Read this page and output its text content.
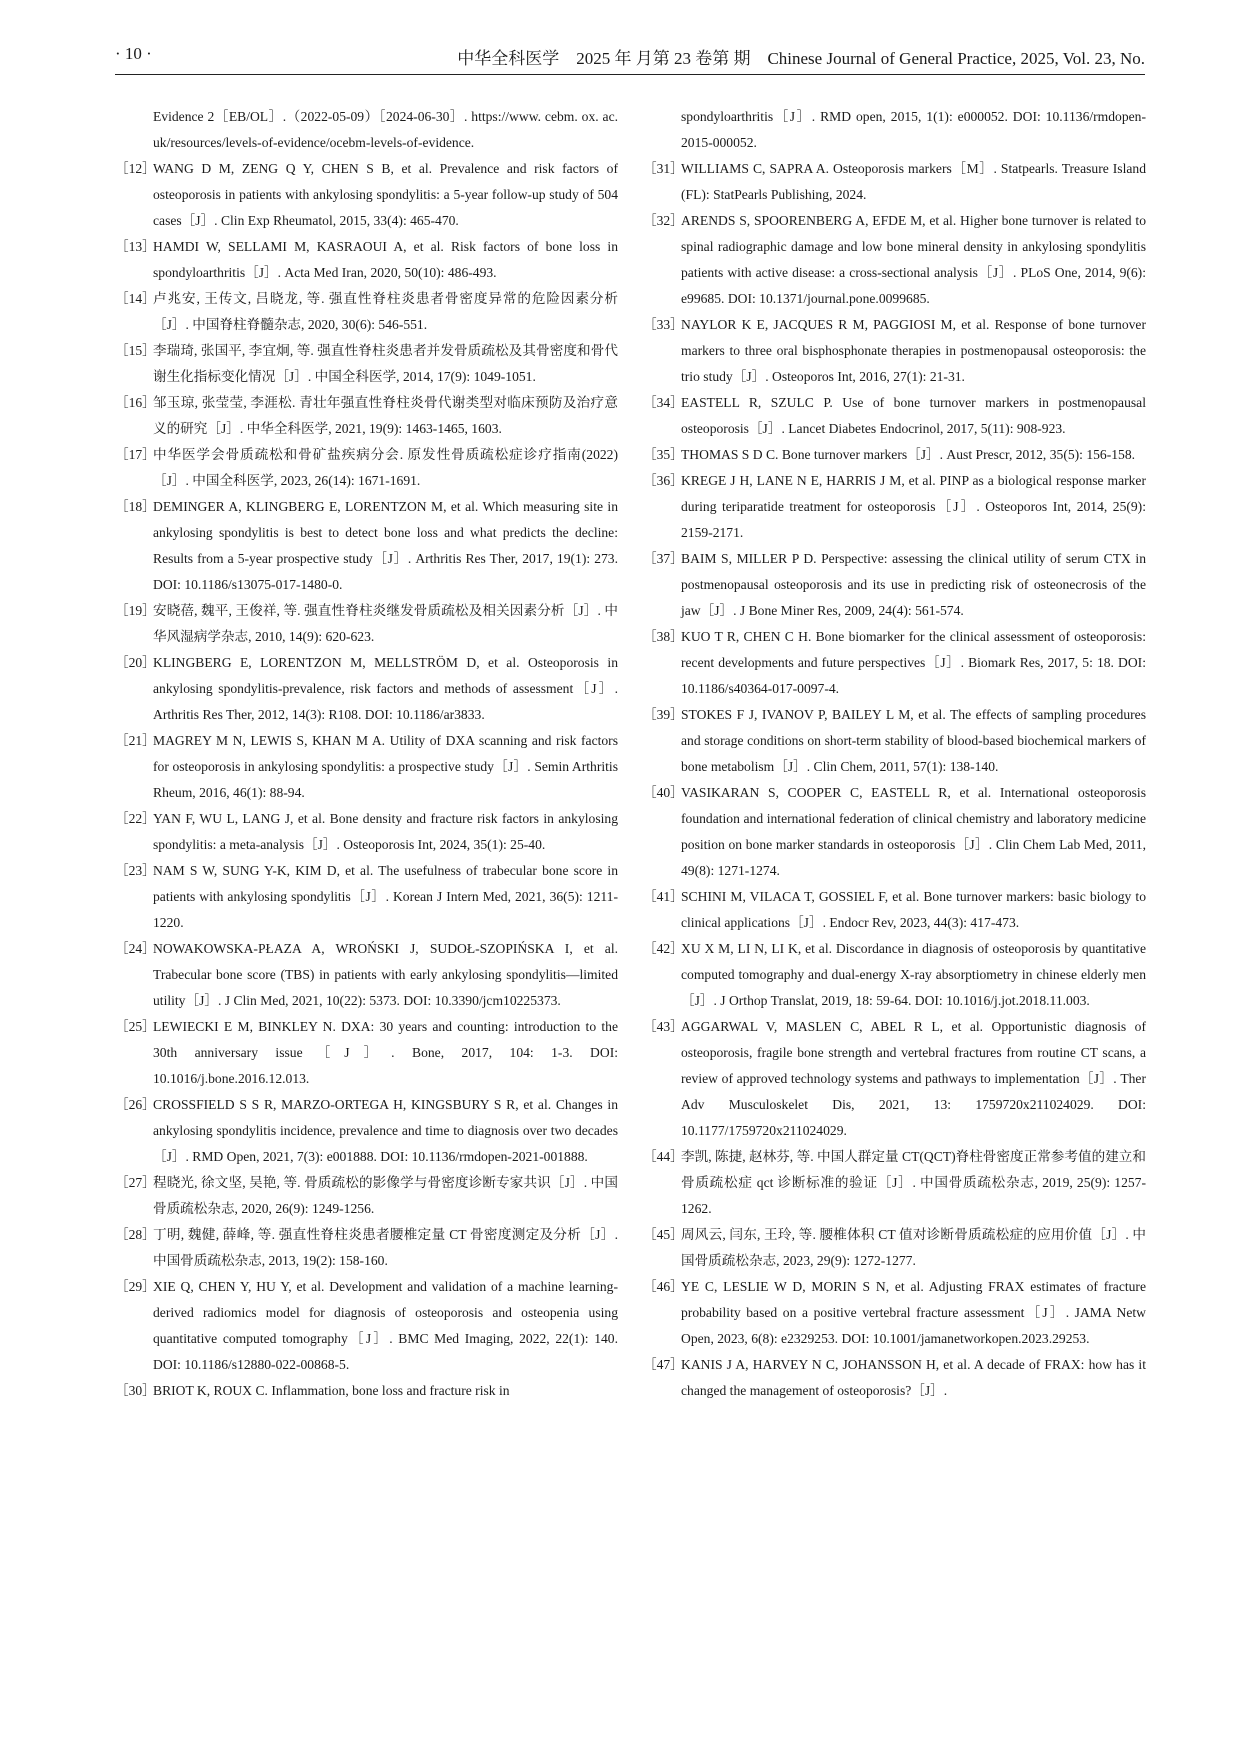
· 10 ·	中华全科医学　2025 年 月第 23 卷第 期　Chinese Journal of General Practice, 2025, Vol. 23, No.
Evidence 2［EB/OL］.（2022-05-09）［2024-06-30］. https://www. cebm. ox. ac. uk/resources/levels-of-evidence/ocebm-levels-of-evidence.
［12］
WANG D M, ZENG Q Y, CHEN S B, et al. Prevalence and risk factors of osteoporosis in patients with ankylosing spondylitis: a 5-year follow-up study of 504 cases［J］. Clin Exp Rheumatol, 2015, 33(4): 465-470.
［13］
HAMDI W, SELLAMI M, KASRAOUI A, et al. Risk factors of bone loss in spondyloarthritis［J］. Acta Med Iran, 2020, 50(10): 486-493.
［14］
卢兆安, 王传文, 吕晓龙, 等. 强直性脊柱炎患者骨密度异常的危险因素分析［J］. 中国脊柱脊髓杂志, 2020, 30(6): 546-551.
［15］
李瑞琦, 张国平, 李宜炯, 等. 强直性脊柱炎患者并发骨质疏松及其骨密度和骨代谢生化指标变化情况［J］. 中国全科医学, 2014, 17(9): 1049-1051.
［16］
邹玉琼, 张莹莹, 李涯松. 青壮年强直性脊柱炎骨代谢类型对临床预防及治疗意义的研究［J］. 中华全科医学, 2021, 19(9): 1463-1465, 1603.
［17］
中华医学会骨质疏松和骨矿盐疾病分会. 原发性骨质疏松症诊疗指南(2022)［J］. 中国全科医学, 2023, 26(14): 1671-1691.
［18］
DEMINGER A, KLINGBERG E, LORENTZON M, et al. Which measuring site in ankylosing spondylitis is best to detect bone loss and what predicts the decline: Results from a 5-year prospective study［J］. Arthritis Res Ther, 2017, 19(1): 273. DOI: 10.1186/s13075-017-1480-0.
［19］
安晓蓓, 魏平, 王俊祥, 等. 强直性脊柱炎继发骨质疏松及相关因素分析［J］. 中华风湿病学杂志, 2010, 14(9): 620-623.
［20］
KLINGBERG E, LORENTZON M, MELLSTRÖM D, et al. Osteoporosis in ankylosing spondylitis-prevalence, risk factors and methods of assessment［J］. Arthritis Res Ther, 2012, 14(3): R108. DOI: 10.1186/ar3833.
［21］
MAGREY M N, LEWIS S, KHAN M A. Utility of DXA scanning and risk factors for osteoporosis in ankylosing spondylitis: a prospective study［J］. Semin Arthritis Rheum, 2016, 46(1): 88-94.
［22］
YAN F, WU L, LANG J, et al. Bone density and fracture risk factors in ankylosing spondylitis: a meta-analysis［J］. Osteoporosis Int, 2024, 35(1): 25-40.
［23］
NAM S W, SUNG Y-K, KIM D, et al. The usefulness of trabecular bone score in patients with ankylosing spondylitis［J］. Korean J Intern Med, 2021, 36(5): 1211-1220.
［24］
NOWAKOWSKA-PŁAZA A, WROŃSKI J, SUDOŁ-SZOPIŃSKA I, et al. Trabecular bone score (TBS) in patients with early ankylosing spondylitis—limited utility［J］. J Clin Med, 2021, 10(22): 5373. DOI: 10.3390/jcm10225373.
［25］
LEWIECKI E M, BINKLEY N. DXA: 30 years and counting: introduction to the 30th anniversary issue［J］. Bone, 2017, 104: 1-3. DOI: 10.1016/j.bone.2016.12.013.
［26］
CROSSFIELD S S R, MARZO-ORTEGA H, KINGSBURY S R, et al. Changes in ankylosing spondylitis incidence, prevalence and time to diagnosis over two decades［J］. RMD Open, 2021, 7(3): e001888. DOI: 10.1136/rmdopen-2021-001888.
［27］
程晓光, 徐文坚, 吴艳, 等. 骨质疏松的影像学与骨密度诊断专家共识［J］. 中国骨质疏松杂志, 2020, 26(9): 1249-1256.
［28］
丁明, 魏健, 薛峰, 等. 强直性脊柱炎患者腰椎定量 CT 骨密度测定及分析［J］. 中国骨质疏松杂志, 2013, 19(2): 158-160.
［29］
XIE Q, CHEN Y, HU Y, et al. Development and validation of a machine learning-derived radiomics model for diagnosis of osteoporosis and osteopenia using quantitative computed tomography［J］. BMC Med Imaging, 2022, 22(1): 140. DOI: 10.1186/s12880-022-00868-5.
［30］
BRIOT K, ROUX C. Inflammation, bone loss and fracture risk in
spondyloarthritis［J］. RMD open, 2015, 1(1): e000052. DOI: 10.1136/rmdopen-2015-000052.
［31］
WILLIAMS C, SAPRA A. Osteoporosis markers［M］. Statpearls. Treasure Island (FL): StatPearls Publishing, 2024.
［32］
ARENDS S, SPOORENBERG A, EFDE M, et al. Higher bone turnover is related to spinal radiographic damage and low bone mineral density in ankylosing spondylitis patients with active disease: a cross-sectional analysis［J］. PLoS One, 2014, 9(6): e99685. DOI: 10.1371/journal.pone.0099685.
［33］
NAYLOR K E, JACQUES R M, PAGGIOSI M, et al. Response of bone turnover markers to three oral bisphosphonate therapies in postmenopausal osteoporosis: the trio study［J］. Osteoporos Int, 2016, 27(1): 21-31.
［34］
EASTELL R, SZULC P. Use of bone turnover markers in postmenopausal osteoporosis［J］. Lancet Diabetes Endocrinol, 2017, 5(11): 908-923.
［35］
THOMAS S D C. Bone turnover markers［J］. Aust Prescr, 2012, 35(5): 156-158.
［36］
KREGE J H, LANE N E, HARRIS J M, et al. PINP as a biological response marker during teriparatide treatment for osteoporosis［J］. Osteoporos Int, 2014, 25(9): 2159-2171.
［37］
BAIM S, MILLER P D. Perspective: assessing the clinical utility of serum CTX in postmenopausal osteoporosis and its use in predicting risk of osteonecrosis of the jaw［J］. J Bone Miner Res, 2009, 24(4): 561-574.
［38］
KUO T R, CHEN C H. Bone biomarker for the clinical assessment of osteoporosis: recent developments and future perspectives［J］. Biomark Res, 2017, 5: 18. DOI: 10.1186/s40364-017-0097-4.
［39］
STOKES F J, IVANOV P, BAILEY L M, et al. The effects of sampling procedures and storage conditions on short-term stability of blood-based biochemical markers of bone metabolism［J］. Clin Chem, 2011, 57(1): 138-140.
［40］
VASIKARAN S, COOPER C, EASTELL R, et al. International osteoporosis foundation and international federation of clinical chemistry and laboratory medicine position on bone marker standards in osteoporosis［J］. Clin Chem Lab Med, 2011, 49(8): 1271-1274.
［41］
SCHINI M, VILACA T, GOSSIEL F, et al. Bone turnover markers: basic biology to clinical applications［J］. Endocr Rev, 2023, 44(3): 417-473.
［42］
XU X M, LI N, LI K, et al. Discordance in diagnosis of osteoporosis by quantitative computed tomography and dual-energy X-ray absorptiometry in chinese elderly men［J］. J Orthop Translat, 2019, 18: 59-64. DOI: 10.1016/j.jot.2018.11.003.
［43］
AGGARWAL V, MASLEN C, ABEL R L, et al. Opportunistic diagnosis of osteoporosis, fragile bone strength and vertebral fractures from routine CT scans, a review of approved technology systems and pathways to implementation［J］. Ther Adv Musculoskelet Dis, 2021, 13: 1759720x211024029. DOI: 10.1177/1759720x211024029.
［44］
李凯, 陈捷, 赵林芬, 等. 中国人群定量 CT(QCT)脊柱骨密度正常参考值的建立和骨质疏松症 qct 诊断标准的验证［J］. 中国骨质疏松杂志, 2019, 25(9): 1257-1262.
［45］
周风云, 闫东, 王玲, 等. 腰椎体积 CT 值对诊断骨质疏松症的应用价值［J］. 中国骨质疏松杂志, 2023, 29(9): 1272-1277.
［46］
YE C, LESLIE W D, MORIN S N, et al. Adjusting FRAX estimates of fracture probability based on a positive vertebral fracture assessment［J］. JAMA Netw Open, 2023, 6(8): e2329253. DOI: 10.1001/jamanetworkopen.2023.29253.
［47］
KANIS J A, HARVEY N C, JOHANSSON H, et al. A decade of FRAX: how has it changed the management of osteoporosis?［J］.
